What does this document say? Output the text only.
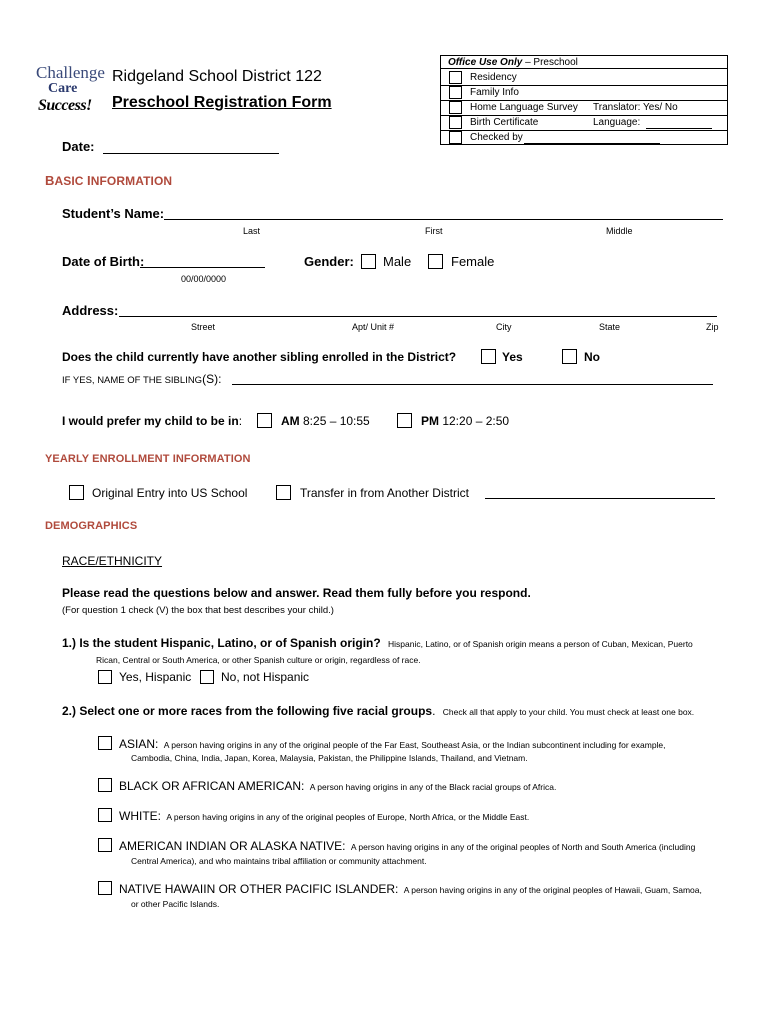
Challenge
Care
Success!
Ridgeland School District 122
Preschool Registration Form
Date:
Office Use Only – Preschool
Residency
Family Info
Home Language Survey Translator: Yes/ No
Birth Certificate	Language:
Checked by
BASIC INFORMATION
Student’s Name:
Last	First	Middle
Date of Birth:
00/00/0000
Gender: Male	Female
Address:
Street	Apt/ Unit #	City	State	Zip
Does the child currently have another sibling enrolled in the District?	Yes	No
IF YES, NAME OF THE SIBLING(S):
I would prefer my child to be in:	AM 8:25 – 10:55	PM 12:20 – 2:50
YEARLY ENROLLMENT INFORMATION
Original Entry into US School	Transfer in from Another District
DEMOGRAPHICS
RACE/ETHNICITY
Please read the questions below and answer. Read them fully before you respond.
(For question 1 check (V) the box that best describes your child.)
1.) Is the student Hispanic, Latino, or of Spanish origin? Hispanic, Latino, or of Spanish origin means a person of Cuban, Mexican, Puerto
Rican, Central or South America, or other Spanish culture or origin, regardless of race.
Yes, Hispanic No, not Hispanic
2.) Select one or more races from the following five racial groups. Check all that apply to your child. You must check at least one box.
ASIAN: A person having origins in any of the original people of the Far East, Southeast Asia, or the Indian subcontinent including for example,
Cambodia, China, India, Japan, Korea, Malaysia, Pakistan, the Philippine Islands, Thailand, and Vietnam.
BLACK OR AFRICAN AMERICAN: A person having origins in any of the Black racial groups of Africa.
WHITE: A person having origins in any of the original peoples of Europe, North Africa, or the Middle East.
AMERICAN INDIAN OR ALASKA NATIVE: A person having origins in any of the original peoples of North and South America (including
Central America), and who maintains tribal affiliation or community attachment.
NATIVE HAWAIIN OR OTHER PACIFIC ISLANDER: A person having origins in any of the original peoples of Hawaii, Guam, Samoa,
or other Pacific Islands.
